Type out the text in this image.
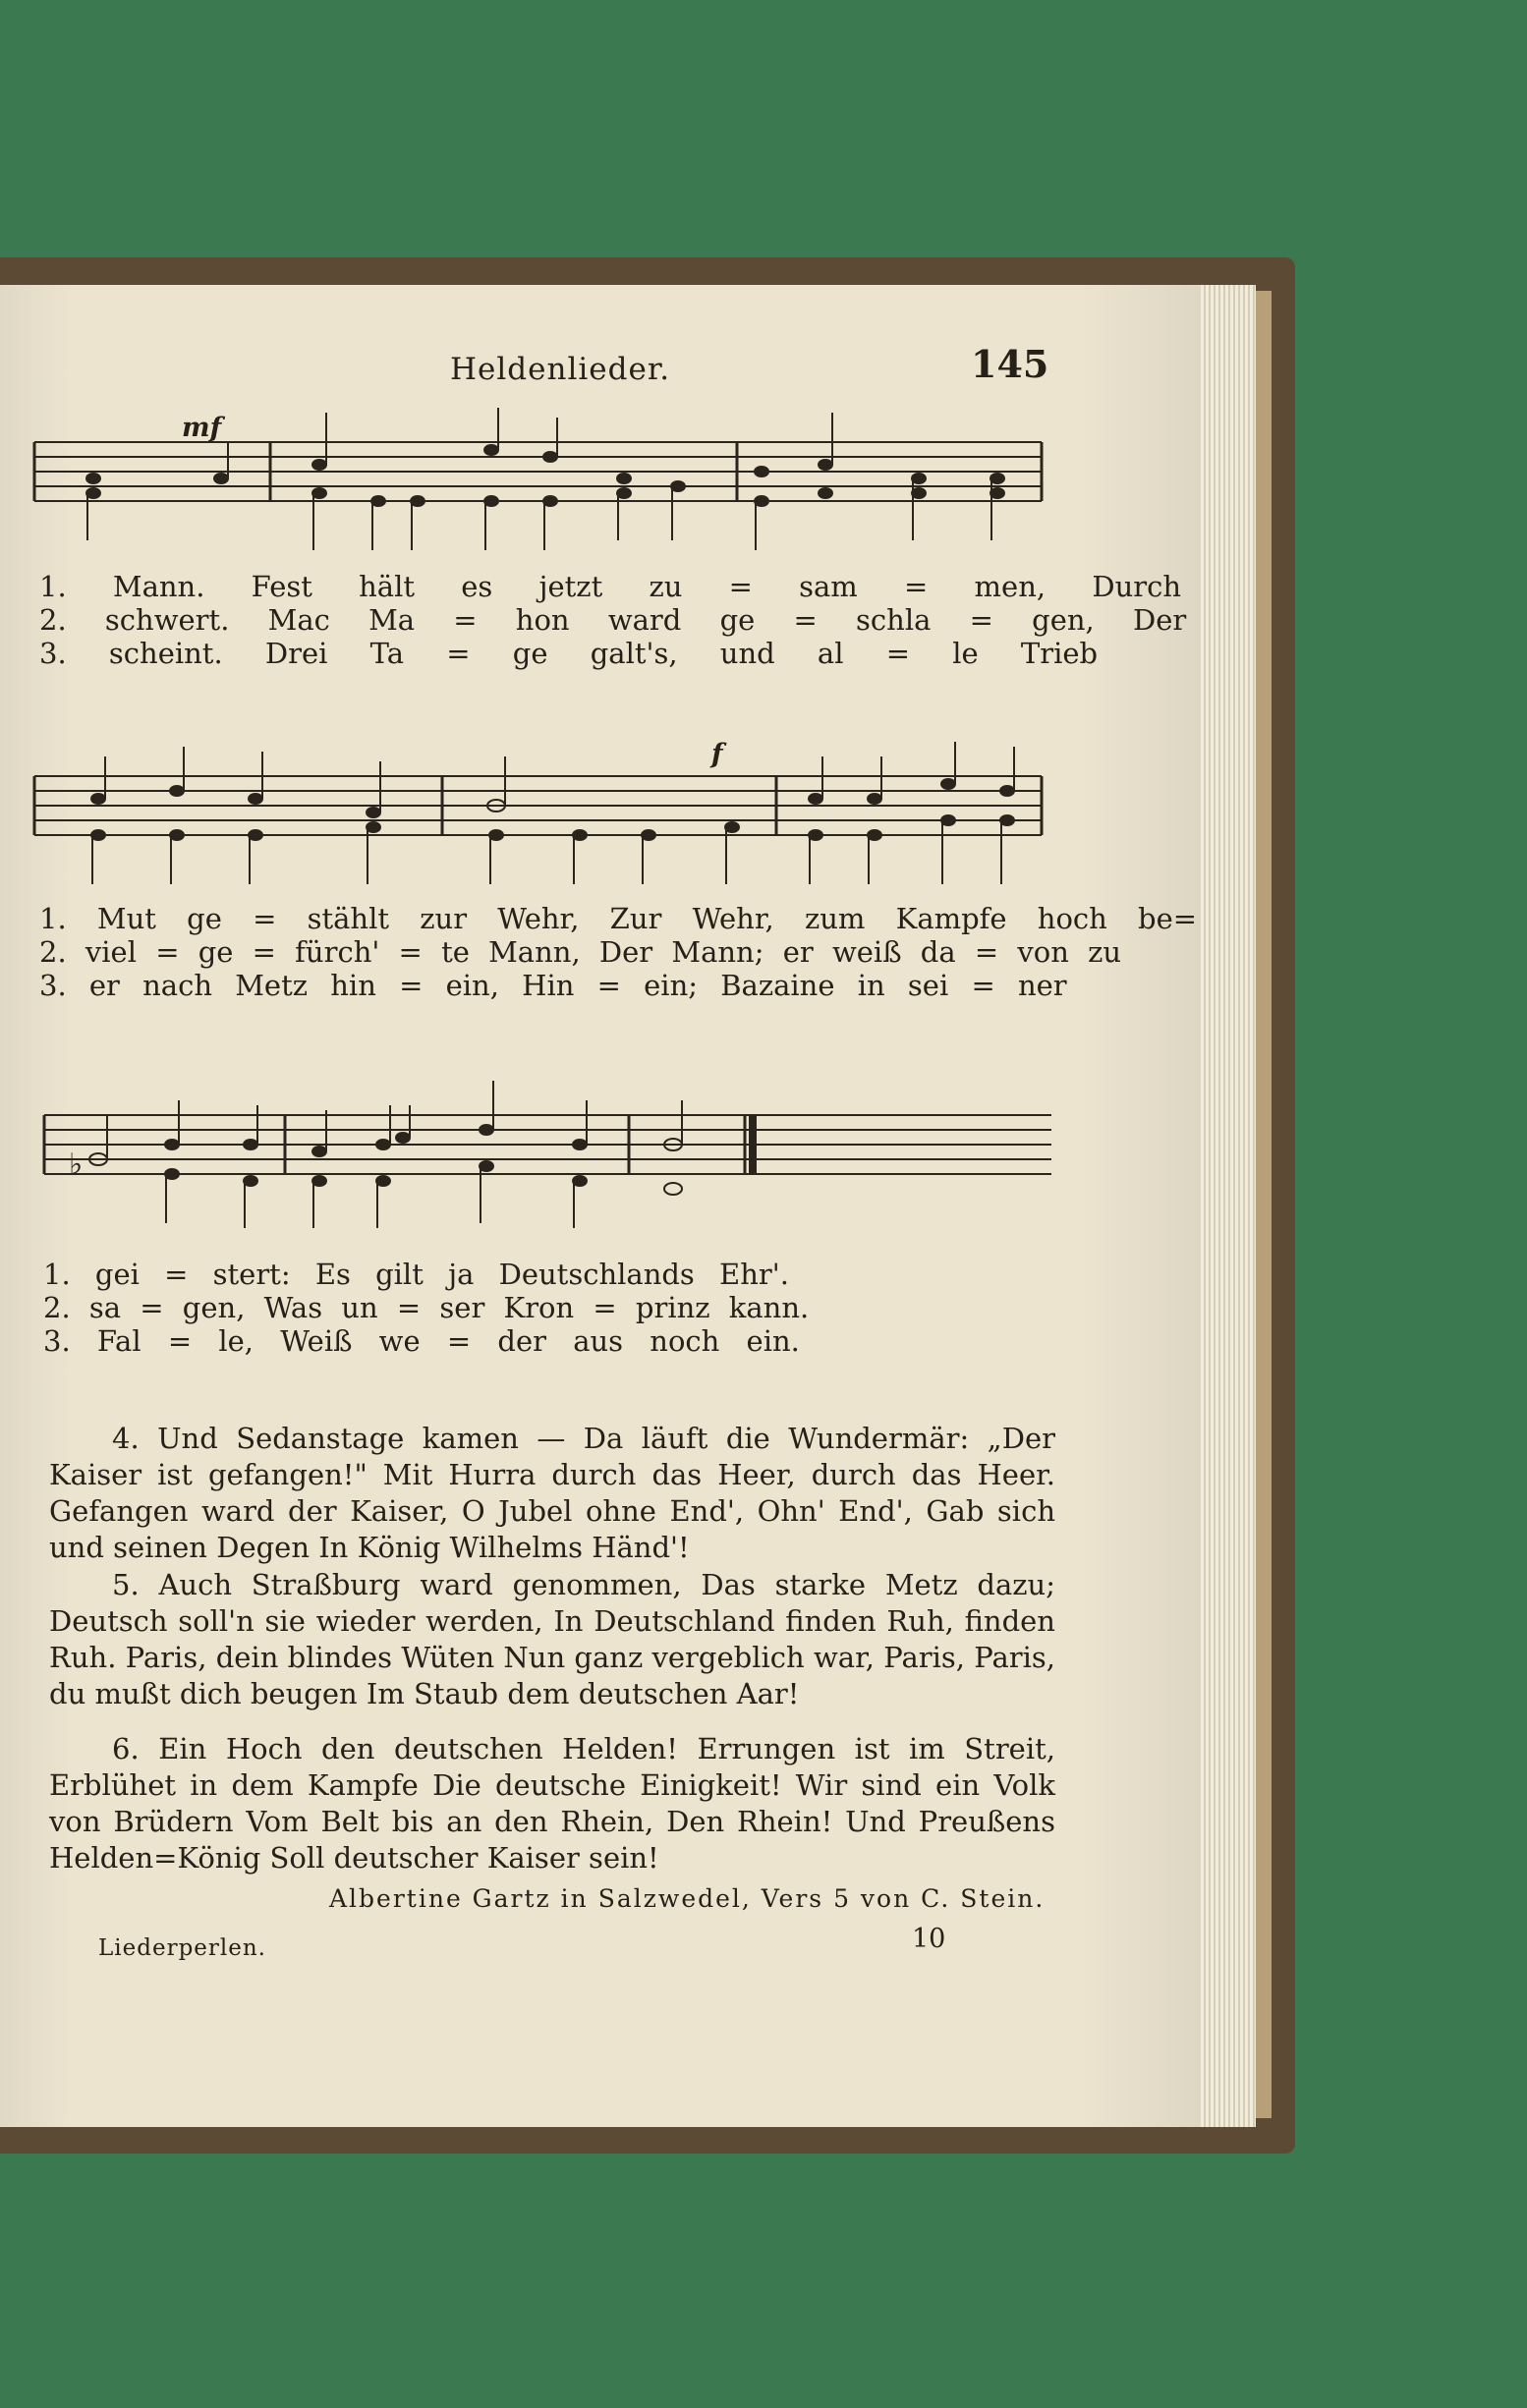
Heldenlieder.	145
mf
1. Mann. Fest hält es jetzt zu = sam = men, Durch
2. schwert. Mac Ma = hon ward ge = schla = gen, Der
3. scheint. Drei Ta = ge galt's, und al = le Trieb
f
1. Mut ge = stählt zur Wehr, Zur Wehr, zum Kampfe hoch be=
2. viel = ge = fürch' = te Mann, Der Mann; er weiß da = von zu
3. er nach Metz hin = ein, Hin = ein; Bazaine in sei = ner
♭
1. gei = stert: Es gilt ja Deutschlands Ehr'.
2. sa = gen, Was un = ser Kron = prinz kann.
3. Fal = le, Weiß we = der aus noch ein.
4. Und Sedanstage kamen — Da läuft die Wundermär: „Der Kaiser ist gefangen!" Mit Hurra durch das Heer, durch das Heer. Gefangen ward der Kaiser, O Jubel ohne End', Ohn' End', Gab sich und seinen Degen In König Wilhelms Händ'!
5. Auch Straßburg ward genommen, Das starke Metz dazu; Deutsch soll'n sie wieder werden, In Deutschland finden Ruh, finden Ruh. Paris, dein blindes Wüten Nun ganz vergeblich war, Paris, Paris, du mußt dich beugen Im Staub dem deutschen Aar!
6. Ein Hoch den deutschen Helden! Errungen ist im Streit, Erblühet in dem Kampfe Die deutsche Einigkeit! Wir sind ein Volk von Brüdern Vom Belt bis an den Rhein, Den Rhein! Und Preußens Helden=König Soll deutscher Kaiser sein!
Albertine Gartz in Salzwedel, Vers 5 von C. Stein.
Liederperlen.	10
